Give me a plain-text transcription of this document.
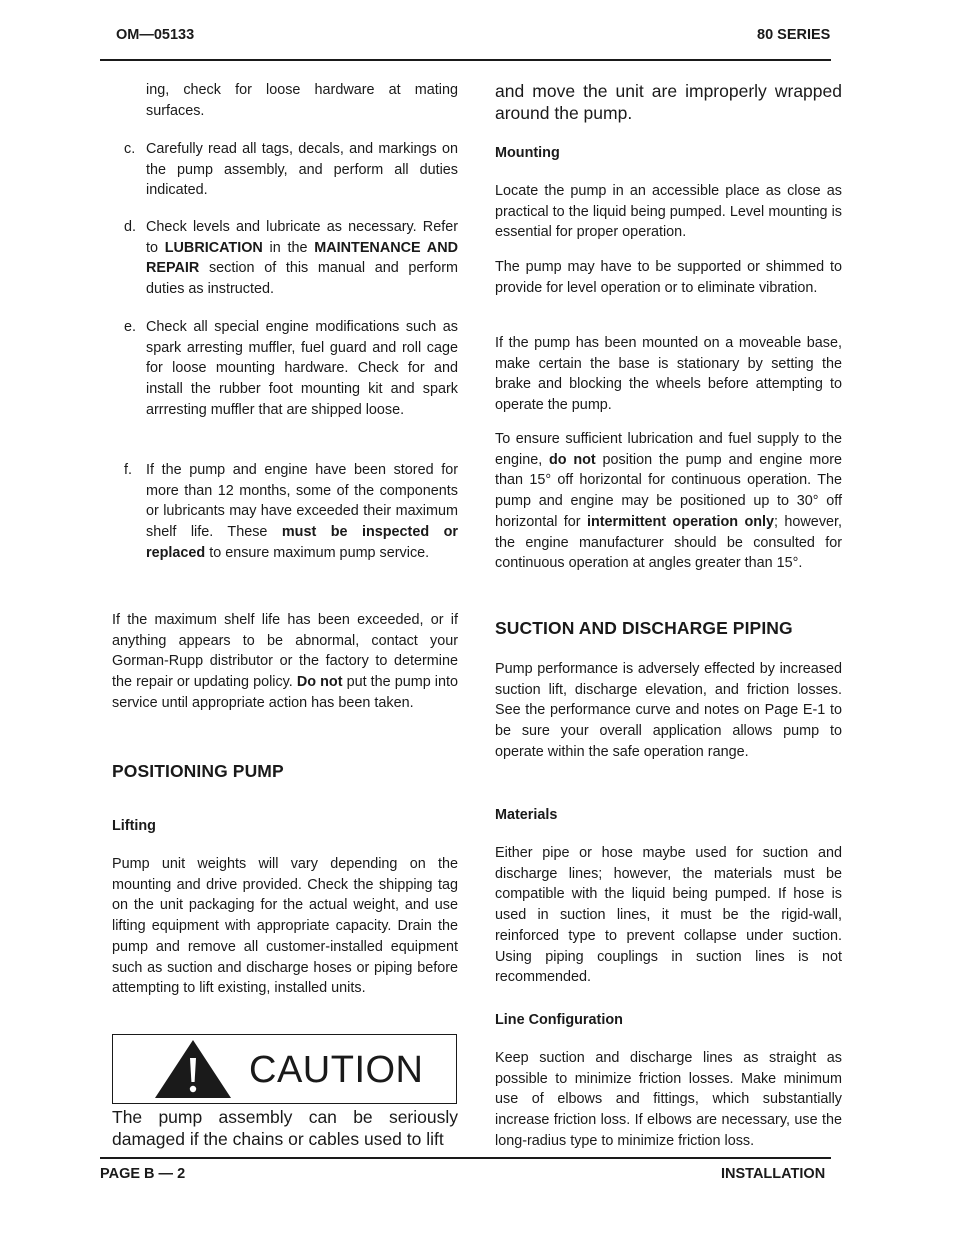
OM—05133	80 SERIES
ing, check for loose hardware at mating surfaces.
c. Carefully read all tags, decals, and markings on the pump assembly, and perform all duties indicated.
d. Check levels and lubricate as necessary. Refer to LUBRICATION in the MAINTENANCE AND REPAIR section of this manual and perform duties as instructed.
e. Check all special engine modifications such as spark arresting muffler, fuel guard and roll cage for loose mounting hardware. Check for and install the rubber foot mounting kit and spark arrresting muffler that are shipped loose.
f. If the pump and engine have been stored for more than 12 months, some of the components or lubricants may have exceeded their maximum shelf life. These must be inspected or replaced to ensure maximum pump service.
If the maximum shelf life has been exceeded, or if anything appears to be abnormal, contact your Gorman-Rupp distributor or the factory to determine the repair or updating policy. Do not put the pump into service until appropriate action has been taken.
POSITIONING PUMP
Lifting
Pump unit weights will vary depending on the mounting and drive provided. Check the shipping tag on the unit packaging for the actual weight, and use lifting equipment with appropriate capacity. Drain the pump and remove all customer-installed equipment such as suction and discharge hoses or piping before attempting to lift existing, installed units.
CAUTION
The pump assembly can be seriously damaged if the chains or cables used to lift
and move the unit are improperly wrapped around the pump.
Mounting
Locate the pump in an accessible place as close as practical to the liquid being pumped. Level mounting is essential for proper operation.
The pump may have to be supported or shimmed to provide for level operation or to eliminate vibration.
If the pump has been mounted on a moveable base, make certain the base is stationary by setting the brake and blocking the wheels before attempting to operate the pump.
To ensure sufficient lubrication and fuel supply to the engine, do not position the pump and engine more than 15° off horizontal for continuous operation. The pump and engine may be positioned up to 30° off horizontal for intermittent operation only; however, the engine manufacturer should be consulted for continuous operation at angles greater than 15°.
SUCTION AND DISCHARGE PIPING
Pump performance is adversely effected by increased suction lift, discharge elevation, and friction losses. See the performance curve and notes on Page E-1 to be sure your overall application allows pump to operate within the safe operation range.
Materials
Either pipe or hose maybe used for suction and discharge lines; however, the materials must be compatible with the liquid being pumped. If hose is used in suction lines, it must be the rigid-wall, reinforced type to prevent collapse under suction. Using piping couplings in suction lines is not recommended.
Line Configuration
Keep suction and discharge lines as straight as possible to minimize friction losses. Make minimum use of elbows and fittings, which substantially increase friction loss. If elbows are necessary, use the long-radius type to minimize friction loss.
PAGE B — 2	INSTALLATION
